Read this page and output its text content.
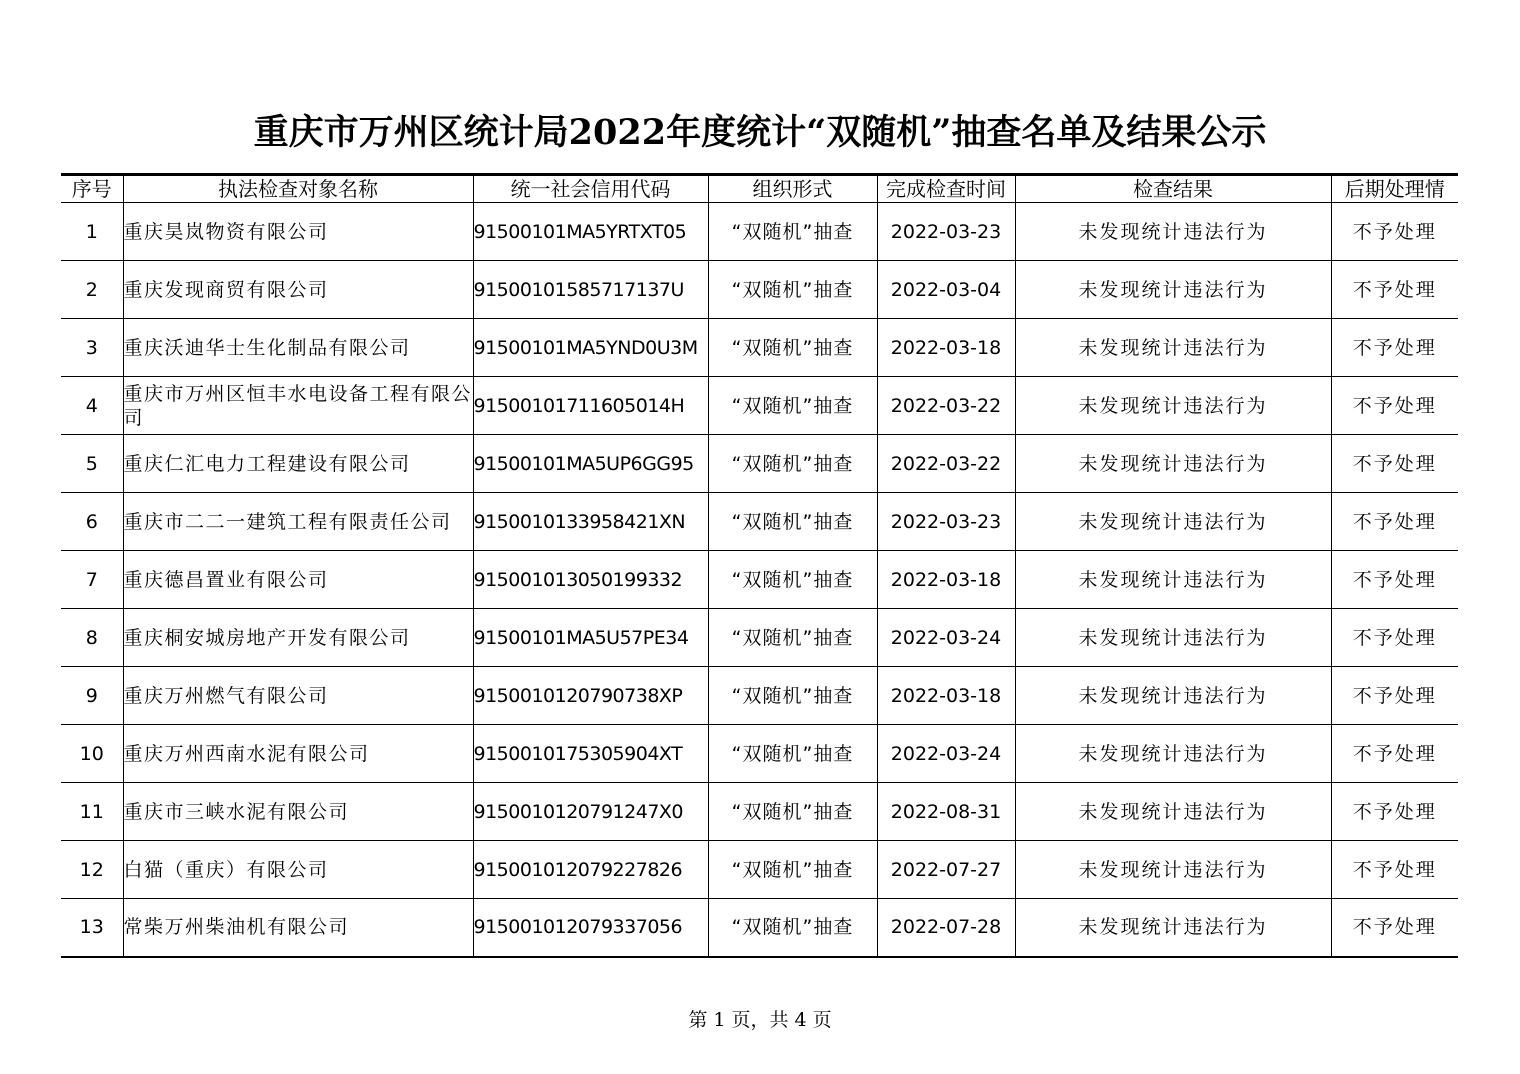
重庆市万州区统计局2022年度统计“双随机”抽查名单及结果公示
序号	执法检查对象名称	统一社会信用代码	组织形式	完成检查时间	检查结果	后期处理情
1	重庆昊岚物资有限公司	91500101MA5YRTXT05	“双随机”抽查	2022-03-23	未发现统计违法行为	不予处理
2	重庆发现商贸有限公司	91500101585717137U	“双随机”抽查	2022-03-04	未发现统计违法行为	不予处理
3	重庆沃迪华士生化制品有限公司	91500101MA5YND0U3M	“双随机”抽查	2022-03-18	未发现统计违法行为	不予处理
4	重庆市万州区恒丰水电设备工程有限公司	91500101711605014H	“双随机”抽查	2022-03-22	未发现统计违法行为	不予处理
5	重庆仁汇电力工程建设有限公司	91500101MA5UP6GG95	“双随机”抽查	2022-03-22	未发现统计违法行为	不予处理
6	重庆市二二一建筑工程有限责任公司	9150010133958421XN	“双随机”抽查	2022-03-23	未发现统计违法行为	不予处理
7	重庆德昌置业有限公司	915001013050199332	“双随机”抽查	2022-03-18	未发现统计违法行为	不予处理
8	重庆桐安城房地产开发有限公司	91500101MA5U57PE34	“双随机”抽查	2022-03-24	未发现统计违法行为	不予处理
9	重庆万州燃气有限公司	9150010120790738XP	“双随机”抽查	2022-03-18	未发现统计违法行为	不予处理
10	重庆万州西南水泥有限公司	9150010175305904XT	“双随机”抽查	2022-03-24	未发现统计违法行为	不予处理
11	重庆市三峡水泥有限公司	9150010120791247X0	“双随机”抽查	2022-08-31	未发现统计违法行为	不予处理
12	白猫（重庆）有限公司	915001012079227826	“双随机”抽查	2022-07-27	未发现统计违法行为	不予处理
13	常柴万州柴油机有限公司	915001012079337056	“双随机”抽查	2022-07-28	未发现统计违法行为	不予处理
第 1 页，共 4 页
